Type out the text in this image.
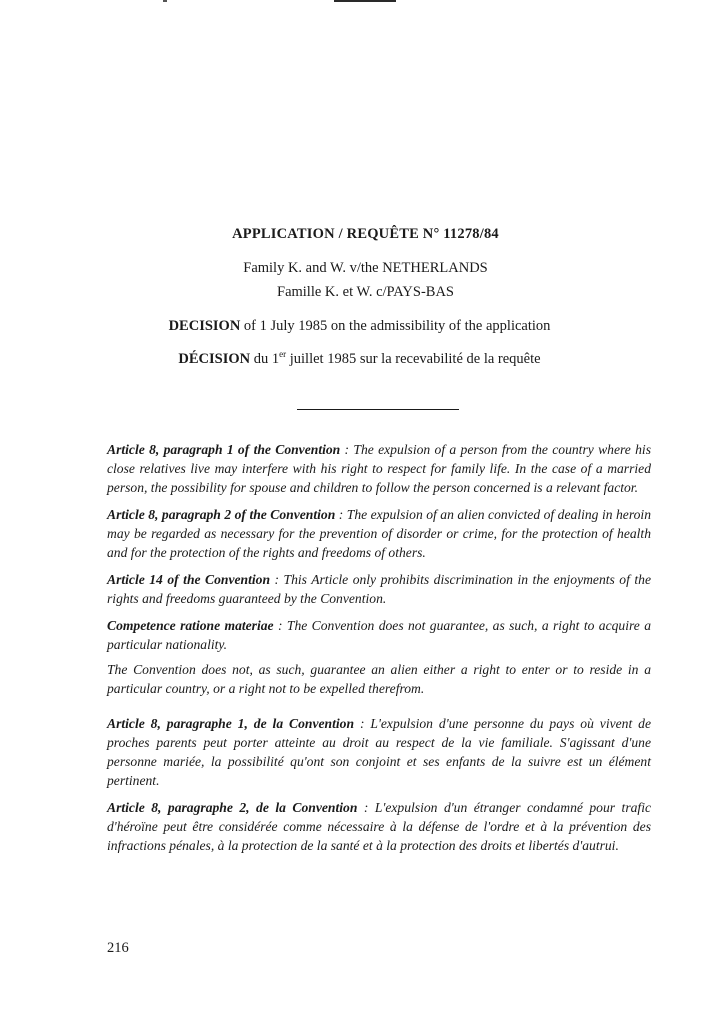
APPLICATION / REQUÊTE N° 11278/84

Family K. and W. v/the NETHERLANDS

Famille K. et W. c/PAYS-BAS

DECISION of 1 July 1985 on the admissibility of the application

DÉCISION du 1er juillet 1985 sur la recevabilité de la requête

Article 8, paragraph 1 of the Convention : The expulsion of a person from the country where his close relatives live may interfere with his right to respect for family life. In the case of a married person, the possibility for spouse and children to follow the person concerned is a relevant factor.

Article 8, paragraph 2 of the Convention : The expulsion of an alien convicted of dealing in heroin may be regarded as necessary for the prevention of disorder or crime, for the protection of health and for the protection of the rights and freedoms of others.

Article 14 of the Convention : This Article only prohibits discrimination in the enjoyments of the rights and freedoms guaranteed by the Convention.

Competence ratione materiae : The Convention does not guarantee, as such, a right to acquire a particular nationality.

The Convention does not, as such, guarantee an alien either a right to enter or to reside in a particular country, or a right not to be expelled therefrom.

Article 8, paragraphe 1, de la Convention : L'expulsion d'une personne du pays où vivent de proches parents peut porter atteinte au droit au respect de la vie familiale. S'agissant d'une personne mariée, la possibilité qu'ont son conjoint et ses enfants de la suivre est un élément pertinent.

Article 8, paragraphe 2, de la Convention : L'expulsion d'un étranger condamné pour trafic d'héroïne peut être considérée comme nécessaire à la défense de l'ordre et à la prévention des infractions pénales, à la protection de la santé et à la protection des droits et libertés d'autrui.

216
